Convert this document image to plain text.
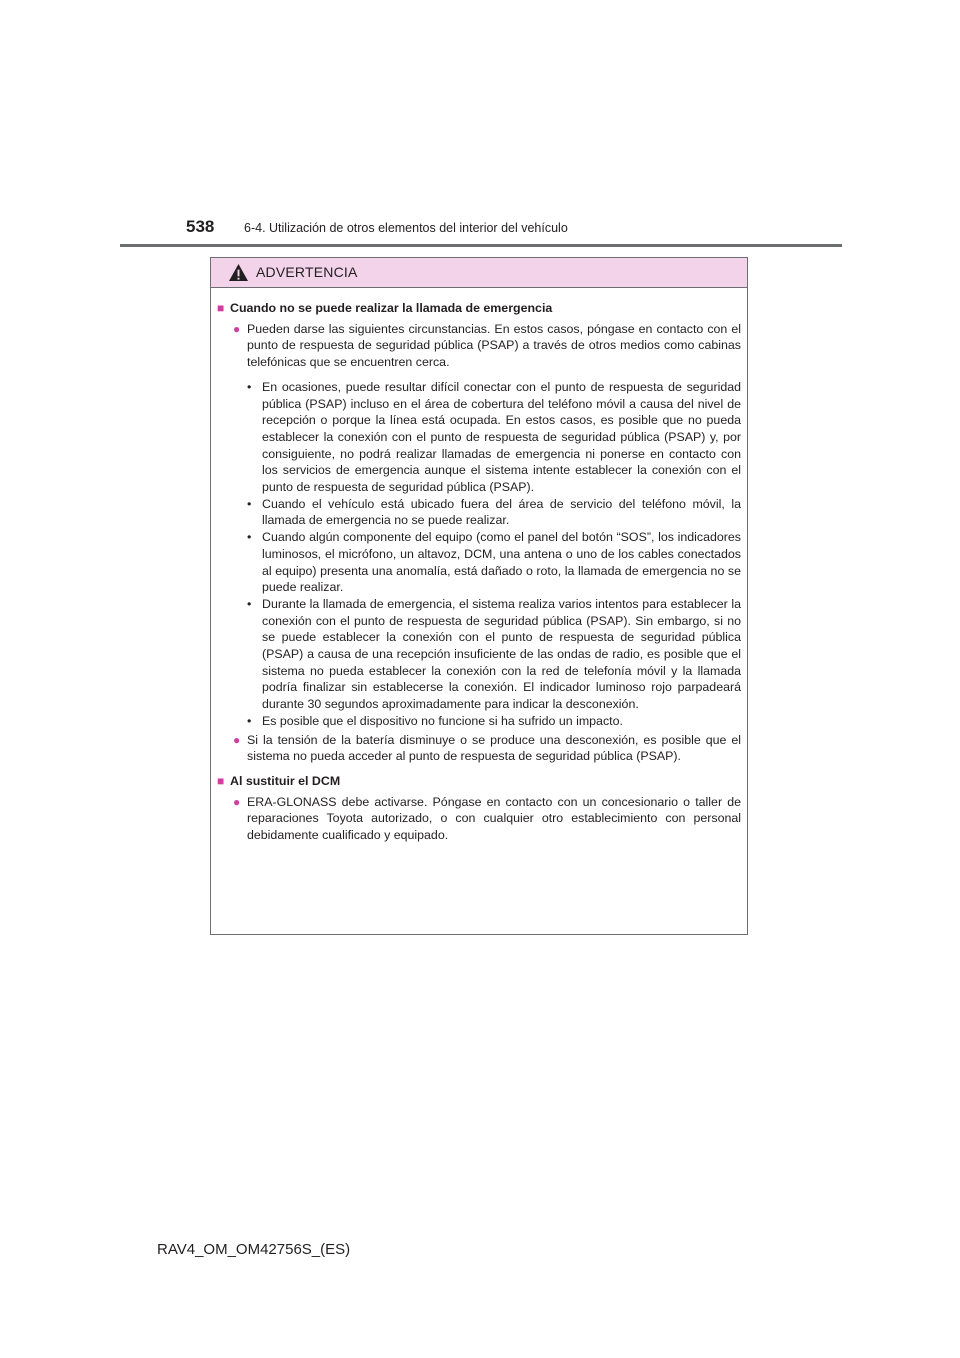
538 6-4. Utilización de otros elementos del interior del vehículo
ADVERTENCIA
■ Cuando no se puede realizar la llamada de emergencia
● Pueden darse las siguientes circunstancias. En estos casos, póngase en contacto con el punto de respuesta de seguridad pública (PSAP) a través de otros medios como cabinas telefónicas que se encuentren cerca.
• En ocasiones, puede resultar difícil conectar con el punto de respuesta de seguridad pública (PSAP) incluso en el área de cobertura del teléfono móvil a causa del nivel de recepción o porque la línea está ocupada. En estos casos, es posible que no pueda establecer la conexión con el punto de respuesta de seguridad pública (PSAP) y, por consiguiente, no podrá realizar llamadas de emergencia ni ponerse en contacto con los servicios de emergencia aunque el sistema intente establecer la conexión con el punto de respuesta de seguridad pública (PSAP).
• Cuando el vehículo está ubicado fuera del área de servicio del teléfono móvil, la llamada de emergencia no se puede realizar.
• Cuando algún componente del equipo (como el panel del botón “SOS”, los indicadores luminosos, el micrófono, un altavoz, DCM, una antena o uno de los cables conectados al equipo) presenta una anomalía, está dañado o roto, la llamada de emergencia no se puede realizar.
• Durante la llamada de emergencia, el sistema realiza varios intentos para establecer la conexión con el punto de respuesta de seguridad pública (PSAP). Sin embargo, si no se puede establecer la conexión con el punto de respuesta de seguridad pública (PSAP) a causa de una recepción insuficiente de las ondas de radio, es posible que el sistema no pueda establecer la conexión con la red de telefonía móvil y la llamada podría finalizar sin establecerse la conexión. El indicador luminoso rojo parpadeará durante 30 segundos aproximadamente para indicar la desconexión.
• Es posible que el dispositivo no funcione si ha sufrido un impacto.
● Si la tensión de la batería disminuye o se produce una desconexión, es posible que el sistema no pueda acceder al punto de respuesta de seguridad pública (PSAP).
■ Al sustituir el DCM
● ERA-GLONASS debe activarse. Póngase en contacto con un concesionario o taller de reparaciones Toyota autorizado, o con cualquier otro establecimiento con personal debidamente cualificado y equipado.
RAV4_OM_OM42756S_(ES)
